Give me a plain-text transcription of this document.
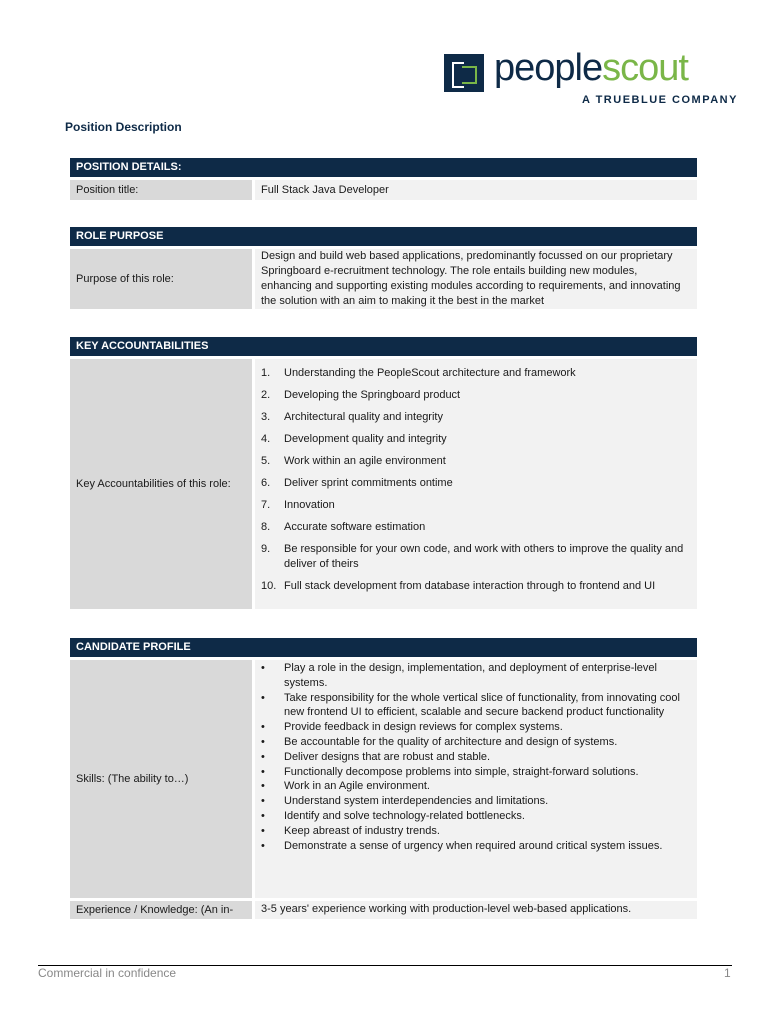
peoplescout
A TRUEBLUE COMPANY
Position Description
POSITION DETAILS:
Position title:	Full Stack Java Developer
ROLE PURPOSE
Purpose of this role:
Design and build web based applications, predominantly focussed on our proprietary Springboard e-recruitment technology. The role entails building new modules, enhancing and supporting existing modules according to requirements, and innovating the solution with an aim to making it the best in the market
KEY ACCOUNTABILITIES
Key Accountabilities of this role:
1. Understanding the PeopleScout architecture and framework
2. Developing the Springboard product
3. Architectural quality and integrity
4. Development quality and integrity
5. Work within an agile environment
6. Deliver sprint commitments ontime
7. Innovation
8. Accurate software estimation
9. Be responsible for your own code, and work with others to improve the quality and deliver of theirs
10. Full stack development from database interaction through to frontend and UI
CANDIDATE PROFILE
Skills: (The ability to…)
• Play a role in the design, implementation, and deployment of enterprise-level systems.
• Take responsibility for the whole vertical slice of functionality, from innovating cool new frontend UI to efficient, scalable and secure backend product functionality
• Provide feedback in design reviews for complex systems.
• Be accountable for the quality of architecture and design of systems.
• Deliver designs that are robust and stable.
• Functionally decompose problems into simple, straight-forward solutions.
• Work in an Agile environment.
• Understand system interdependencies and limitations.
• Identify and solve technology-related bottlenecks.
• Keep abreast of industry trends.
• Demonstrate a sense of urgency when required around critical system issues.
Experience / Knowledge: (An in-	3-5 years' experience working with production-level web-based applications.
Commercial in confidence	1
